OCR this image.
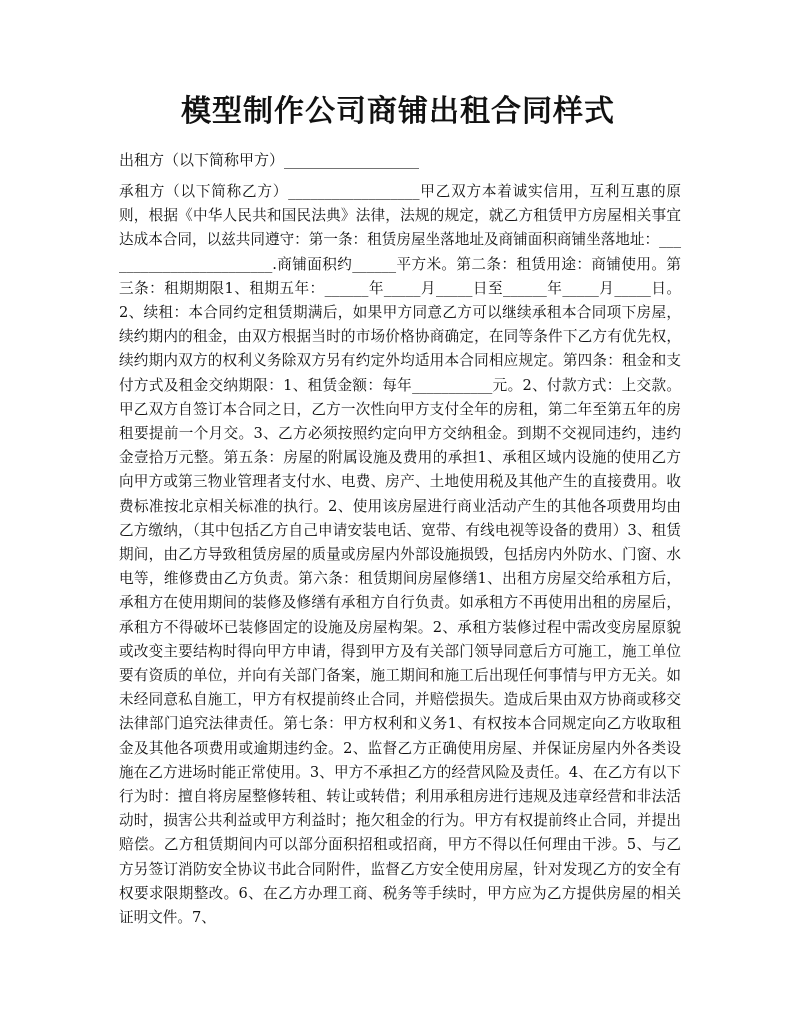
模型制作公司商铺出租合同样式
出租方（以下简称甲方）__________________
承租方（以下简称乙方）__________________甲乙双方本着诚实信用，互利互惠的原则，根据《中华人民共和国民法典》法律，法规的规定，就乙方租赁甲方房屋相关事宜达成本合同，以兹共同遵守：第一条：租赁房屋坐落地址及商铺面积商铺坐落地址：________________________.商铺面积约______平方米。第二条：租赁用途：商铺使用。第三条：租期期限1、租期五年：______年_____月_____日至______年_____月_____日。2、续租：本合同约定租赁期满后，如果甲方同意乙方可以继续承租本合同项下房屋，续约期内的租金，由双方根据当时的市场价格协商确定，在同等条件下乙方有优先权，续约期内双方的权利义务除双方另有约定外均适用本合同相应规定。第四条：租金和支付方式及租金交纳期限：1、租赁金额：每年___________元。2、付款方式：上交款。甲乙双方自签订本合同之日，乙方一次性向甲方支付全年的房租，第二年至第五年的房租要提前一个月交。3、乙方必须按照约定向甲方交纳租金。到期不交视同违约，违约金壹拾万元整。第五条：房屋的附属设施及费用的承担1、承租区域内设施的使用乙方向甲方或第三物业管理者支付水、电费、房产、土地使用税及其他产生的直接费用。收费标准按北京相关标准的执行。2、使用该房屋进行商业活动产生的其他各项费用均由乙方缴纳，（其中包括乙方自己申请安装电话、宽带、有线电视等设备的费用）3、租赁期间，由乙方导致租赁房屋的质量或房屋内外部设施损毁，包括房内外防水、门窗、水电等，维修费由乙方负责。第六条：租赁期间房屋修缮1、出租方房屋交给承租方后，承租方在使用期间的装修及修缮有承租方自行负责。如承租方不再使用出租的房屋后，承租方不得破坏已装修固定的设施及房屋构架。2、承租方装修过程中需改变房屋原貌或改变主要结构时得向甲方申请，得到甲方及有关部门领导同意后方可施工，施工单位要有资质的单位，并向有关部门备案，施工期间和施工后出现任何事情与甲方无关。如未经同意私自施工，甲方有权提前终止合同，并赔偿损失。造成后果由双方协商或移交法律部门追究法律责任。第七条：甲方权利和义务1、有权按本合同规定向乙方收取租金及其他各项费用或逾期违约金。2、监督乙方正确使用房屋、并保证房屋内外各类设施在乙方进场时能正常使用。3、甲方不承担乙方的经营风险及责任。4、在乙方有以下行为时：擅自将房屋整修转租、转让或转借；利用承租房进行违规及违章经营和非法活动时，损害公共利益或甲方利益时；拖欠租金的行为。甲方有权提前终止合同，并提出赔偿。乙方租赁期间内可以部分面积招租或招商，甲方不得以任何理由干涉。5、与乙方另签订消防安全协议书此合同附件，监督乙方安全使用房屋，针对发现乙方的安全有权要求限期整改。6、在乙方办理工商、税务等手续时，甲方应为乙方提供房屋的相关证明文件。7、
